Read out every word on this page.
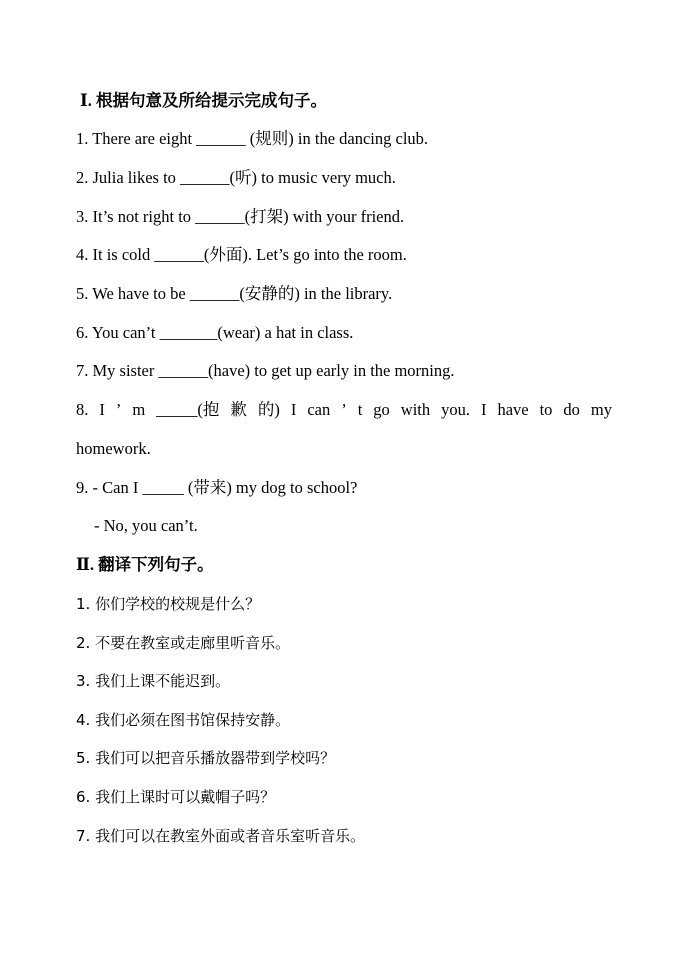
Ⅰ. 根据句意及所给提示完成句子。
1. There are eight ______ (规则) in the dancing club.
2. Julia likes to ______(听) to music very much.
3. It’s not right to ______(打架) with your friend.
4. It is cold ______(外面). Let’s go into the room.
5. We have to be ______(安静的) in the library.
6. You can’t _______(wear) a hat in class.
7. My sister ______(have) to get up early in the morning.
8. I ’ m _____(抱 歉 的) I can ’ t go with you. I have to do my
homework.
9. - Can I _____ (带来) my dog to school?
- No, you can’t.
Ⅱ. 翻译下列句子。
1. 你们学校的校规是什么？
2. 不要在教室或走廊里听音乐。
3. 我们上课不能迟到。
4. 我们必须在图书馆保持安静。
5. 我们可以把音乐播放器带到学校吗？
6. 我们上课时可以戴帽子吗？
7. 我们可以在教室外面或者音乐室听音乐。
